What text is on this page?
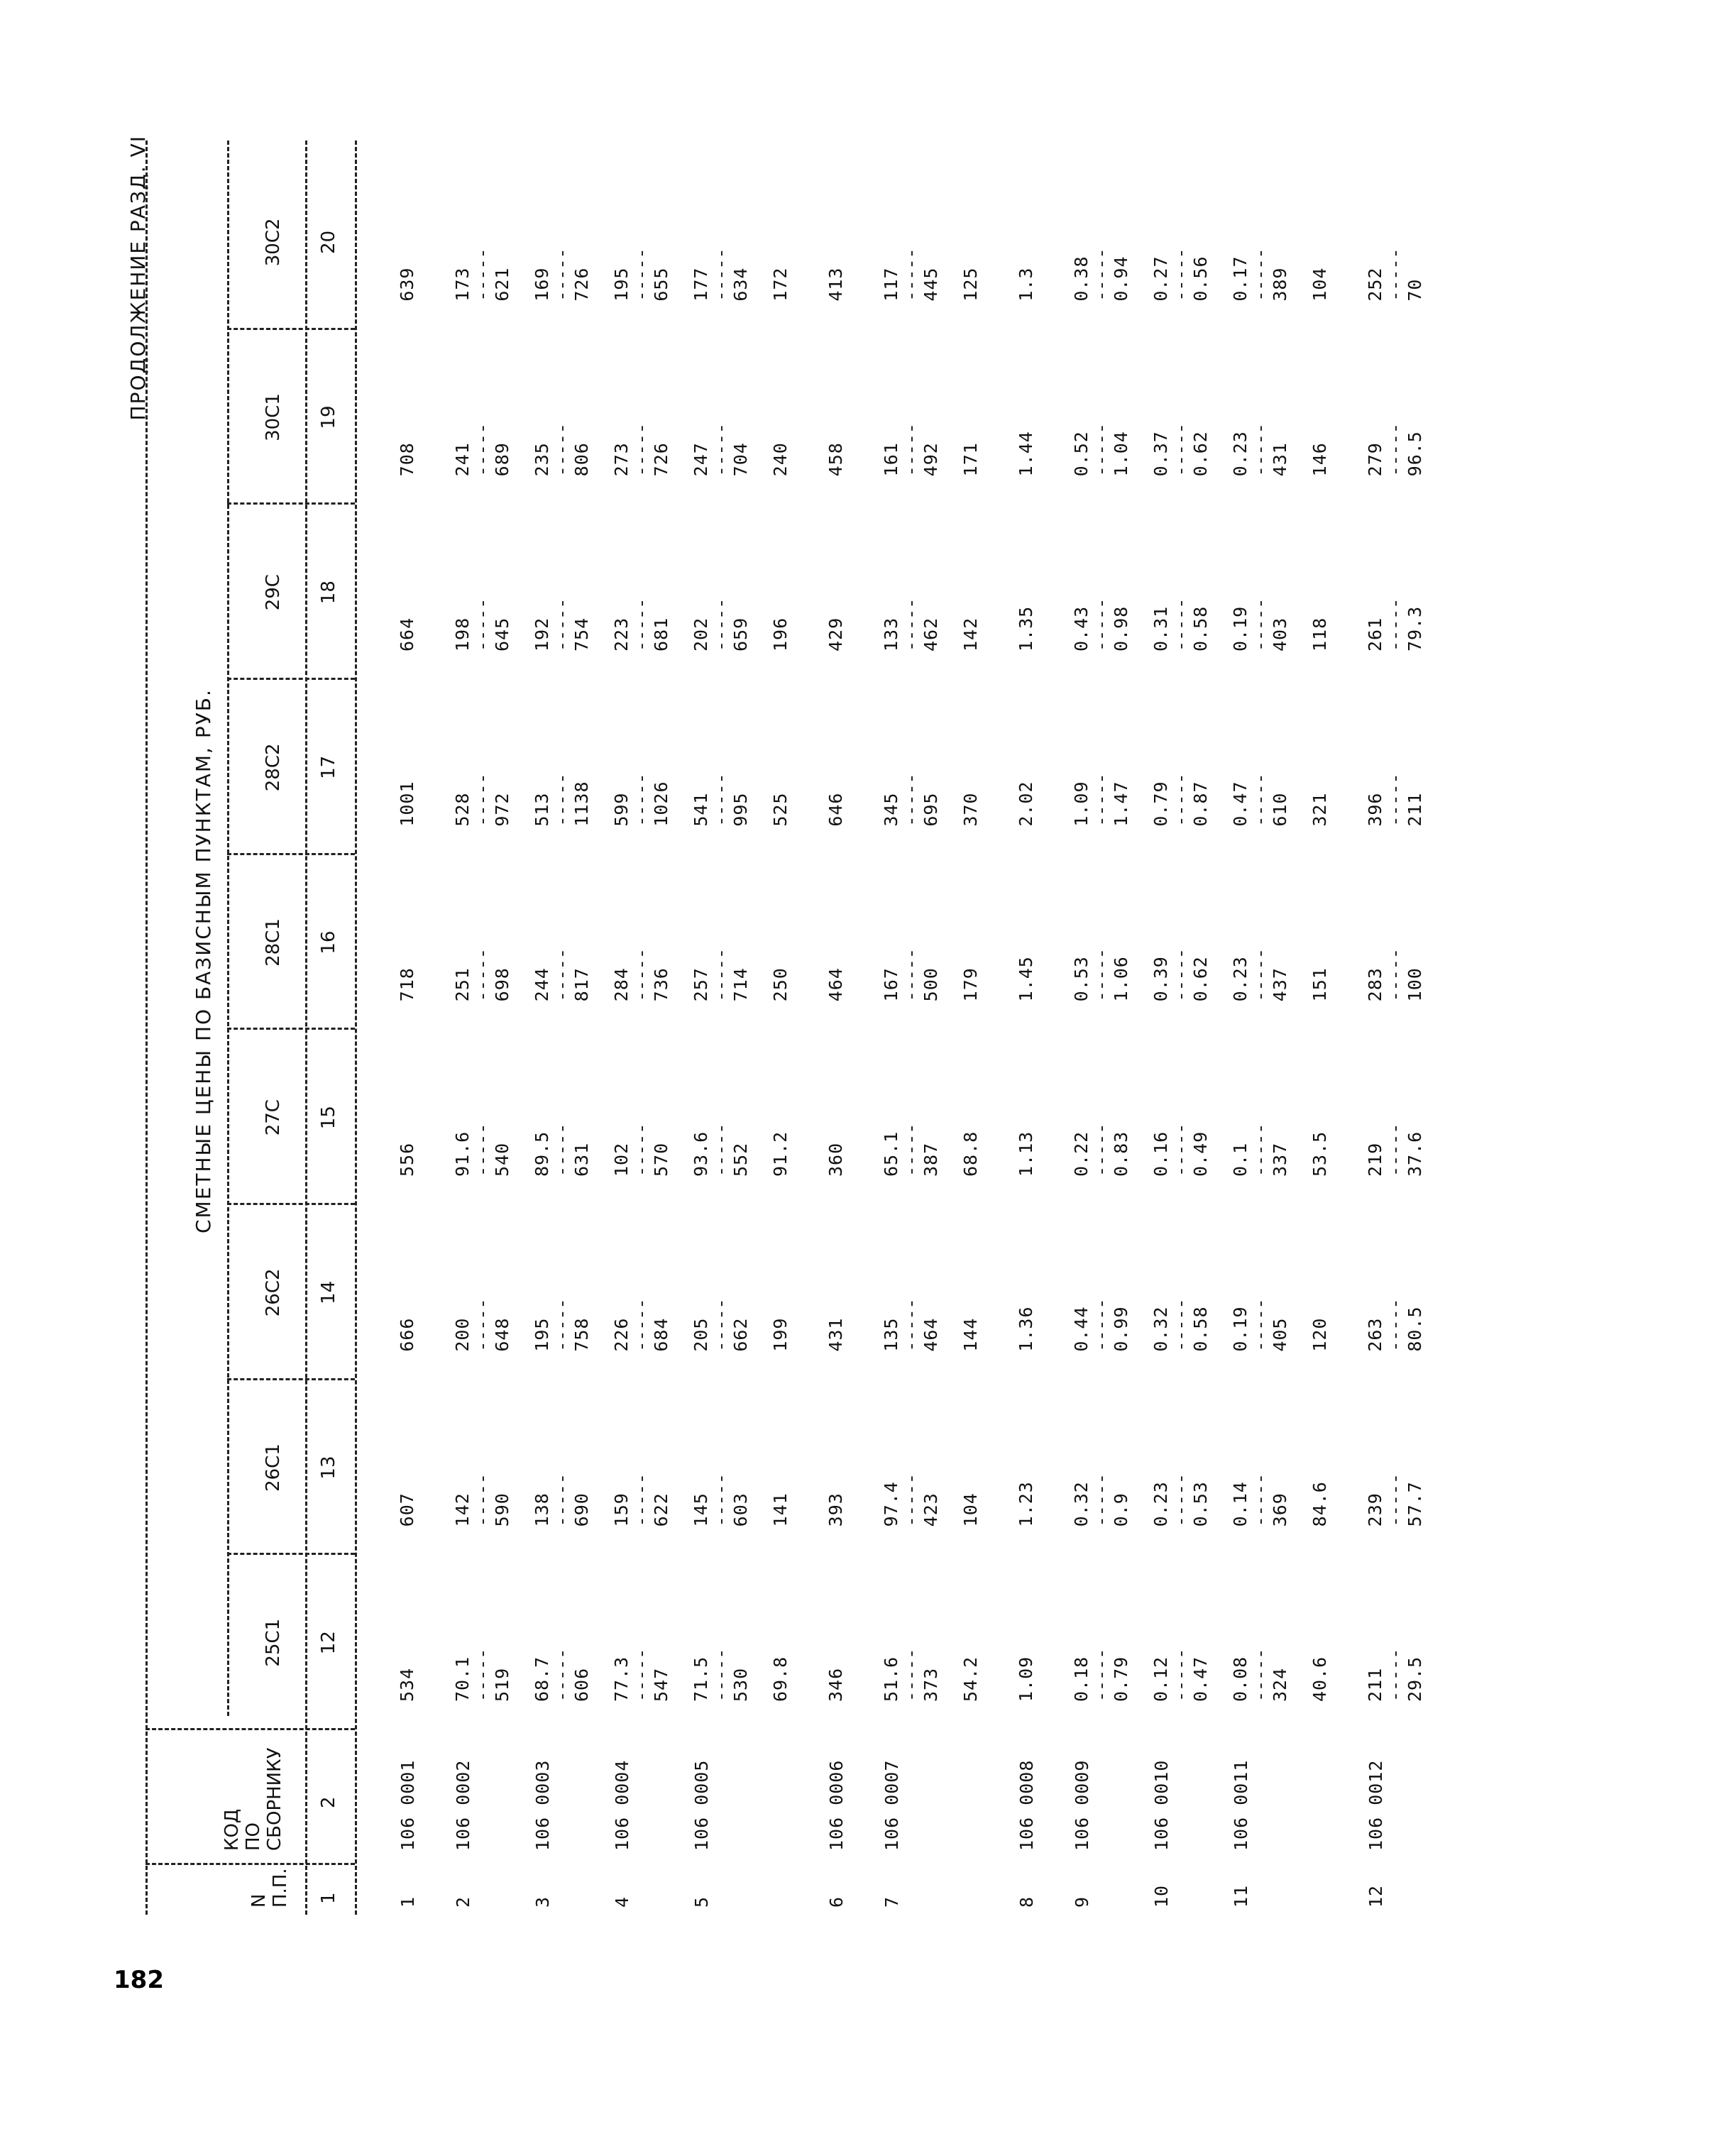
ПРОДОЛЖЕНИЕ РАЗД. VI
СМЕТНЫЕ ЦЕНЫ ПО БАЗИСНЫМ ПУНКТАМ, РУБ.
N П.П.
КОД ПО СБОРНИКУ
25С1
26С1
26С2
27С
28С1
28С2
29С
30С1
30С2
1
2
12
13
14
15
16
17
18
19
20
1
106 0001
534
607
666
556
718
1001
664
708
639
2
106 0002
70.1 ----- 519
142 ----- 590
200 ----- 648
91.6 ----- 540
251 ----- 698
528 ----- 972
198 ----- 645
241 ----- 689
173 ----- 621
3
106 0003
68.7 ----- 606
138 ----- 690
195 ----- 758
89.5 ----- 631
244 ----- 817
513 ----- 1138
192 ----- 754
235 ----- 806
169 ----- 726
4
106 0004
77.3 ----- 547
159 ----- 622
226 ----- 684
102 ----- 570
284 ----- 736
599 ----- 1026
223 ----- 681
273 ----- 726
195 ----- 655
5
106 0005
71.5 ----- 530
145 ----- 603
205 ----- 662
93.6 ----- 552
257 ----- 714
541 ----- 995
202 ----- 659
247 ----- 704
177 ----- 634
69.8
141
199
91.2
250
525
196
240
172
6
106 0006
346
393
431
360
464
646
429
458
413
7
106 0007
51.6 ----- 373
97.4 ----- 423
135 ----- 464
65.1 ----- 387
167 ----- 500
345 ----- 695
133 ----- 462
161 ----- 492
117 ----- 445
54.2
104
144
68.8
179
370
142
171
125
8
106 0008
1.09
1.23
1.36
1.13
1.45
2.02
1.35
1.44
1.3
9
106 0009
0.18 ----- 0.79
0.32 ----- 0.9
0.44 ----- 0.99
0.22 ----- 0.83
0.53 ----- 1.06
1.09 ----- 1.47
0.43 ----- 0.98
0.52 ----- 1.04
0.38 ----- 0.94
10
106 0010
0.12 ----- 0.47
0.23 ----- 0.53
0.32 ----- 0.58
0.16 ----- 0.49
0.39 ----- 0.62
0.79 ----- 0.87
0.31 ----- 0.58
0.37 ----- 0.62
0.27 ----- 0.56
11
106 0011
0.08 ----- 324
0.14 ----- 369
0.19 ----- 405
0.1 ----- 337
0.23 ----- 437
0.47 ----- 610
0.19 ----- 403
0.23 ----- 431
0.17 ----- 389
40.6
84.6
120
53.5
151
321
118
146
104
12
106 0012
211 ----- 29.5
239 ----- 57.7
263 ----- 80.5
219 ----- 37.6
283 ----- 100
396 ----- 211
261 ----- 79.3
279 ----- 96.5
252 ----- 70
182
